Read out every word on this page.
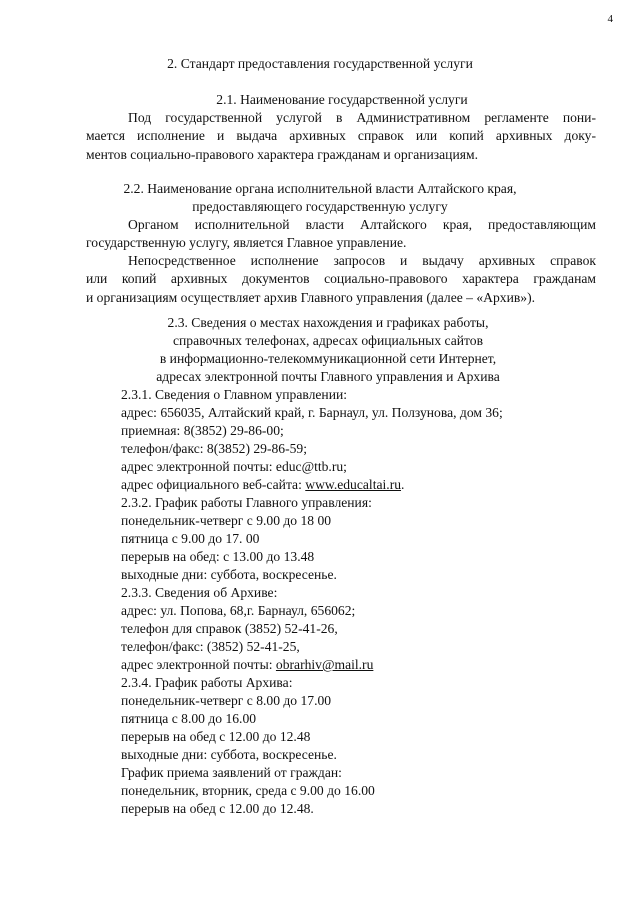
4
2. Стандарт предоставления государственной услуги
2.1. Наименование государственной услуги
Под государственной услугой в Административном регламенте пони-
мается исполнение и выдача архивных справок или копий архивных доку-
ментов социально-правового характера гражданам и организациям.
2.2. Наименование органа исполнительной власти Алтайского края,
предоставляющего государственную услугу
Органом исполнительной власти Алтайского края, предоставляющим
государственную услугу, является Главное управление.
Непосредственное исполнение запросов и выдачу архивных справок
или копий архивных документов социально-правового характера гражданам
и организациям осуществляет архив Главного управления (далее – «Архив»).
2.3. Сведения о местах нахождения и графиках работы,
справочных телефонах, адресах официальных сайтов
в информационно-телекоммуникационной сети Интернет,
адресах электронной почты Главного управления и Архива
2.3.1. Сведения о Главном управлении:
адрес: 656035, Алтайский край, г. Барнаул, ул. Ползунова, дом 36;
приемная: 8(3852) 29-86-00;
телефон/факс: 8(3852) 29-86-59;
адрес электронной почты: educ@ttb.ru;
адрес официального веб-сайта: www.educaltai.ru.
2.3.2. График работы Главного управления:
понедельник-четверг с 9.00 до 18 00
пятница с 9.00 до 17. 00
перерыв на обед: с 13.00 до 13.48
выходные дни: суббота, воскресенье.
2.3.3. Сведения об Архиве:
адрес: ул. Попова, 68,г. Барнаул, 656062;
телефон для справок (3852) 52-41-26,
телефон/факс: (3852) 52-41-25,
адрес электронной почты: obrarhiv@mail.ru
2.3.4. График работы Архива:
понедельник-четверг с 8.00 до 17.00
пятница с 8.00 до 16.00
перерыв на обед с 12.00 до 12.48
выходные дни: суббота, воскресенье.
График приема заявлений от граждан:
понедельник, вторник, среда с 9.00 до 16.00
перерыв на обед с 12.00 до 12.48.
